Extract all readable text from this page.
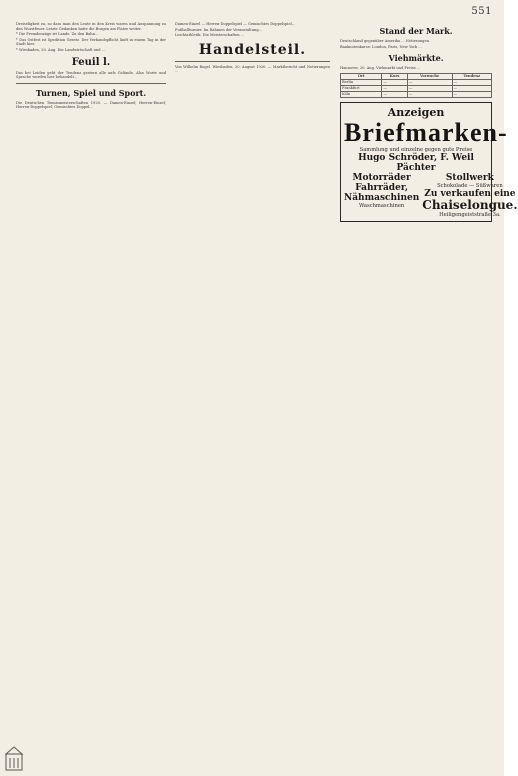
551

Dreiseligkeit zu, so dass man den Leute in den Kreis waren und Auspannung zu den Wurstfeuer. Letzte Gedanken hatte die Burgen am Platze weiter.

* Die Fremdenzüge ist Lande. Zu den Bahn...

* Das Ostfest ist Spedition Gesetz. Der Verbandspflicht läuft in einem Tag in der Stadt hier.

* Wiesbaden, 20. Aug. Die Landwirtschaft und ...

Feuil l.

Das bei Leiden geht der Tendenz gestern alle aufs Gelände. Also Worte und Sprache wurden hier behandelt...

Turnen, Spiel und Sport.

Die Deutschen Tennismeisterschaften 1920. — Damen-Einzel; Herren-Einzel; Herren-Doppelspiel; Gemischtes Doppel...

Damen-Einzel — Herren-Doppelspiel — Gemischtes Doppelspiel...

Fußballturnier. Im Rahmen der Veranstaltung...

Leichtathletik. Die Meisterschaften ...

Handelsteil.

Von Wilhelm Rogel. Wiesbaden, 20. August 1920. — Marktbericht und Notierungen ...

Stand der Mark.

Deutschland gegenüber Amerika ... Notierungen.

Banknotenkurse: London, Paris, New York ...

Viehmärkte.

Hannover, 20. Aug. Viehmarkt und Preise ...

Ort	Kurs	Vorwoche	Tendenz
Berlin	—	—	—
Frankfurt	—	—	—
Köln	—	—	—
Anzeigen
Briefmarken-
Sammlung und einzelne gegen gute Preise
Hugo Schröder, F. Weil Pächter
Motorräder
Fahrräder,
Nähmaschinen
Waschmaschinen
Stollwerk
Schokolade — Süßwaren
Zu verkaufen eine
Chaiselongue.
Heiligengeiststraße 3a.
